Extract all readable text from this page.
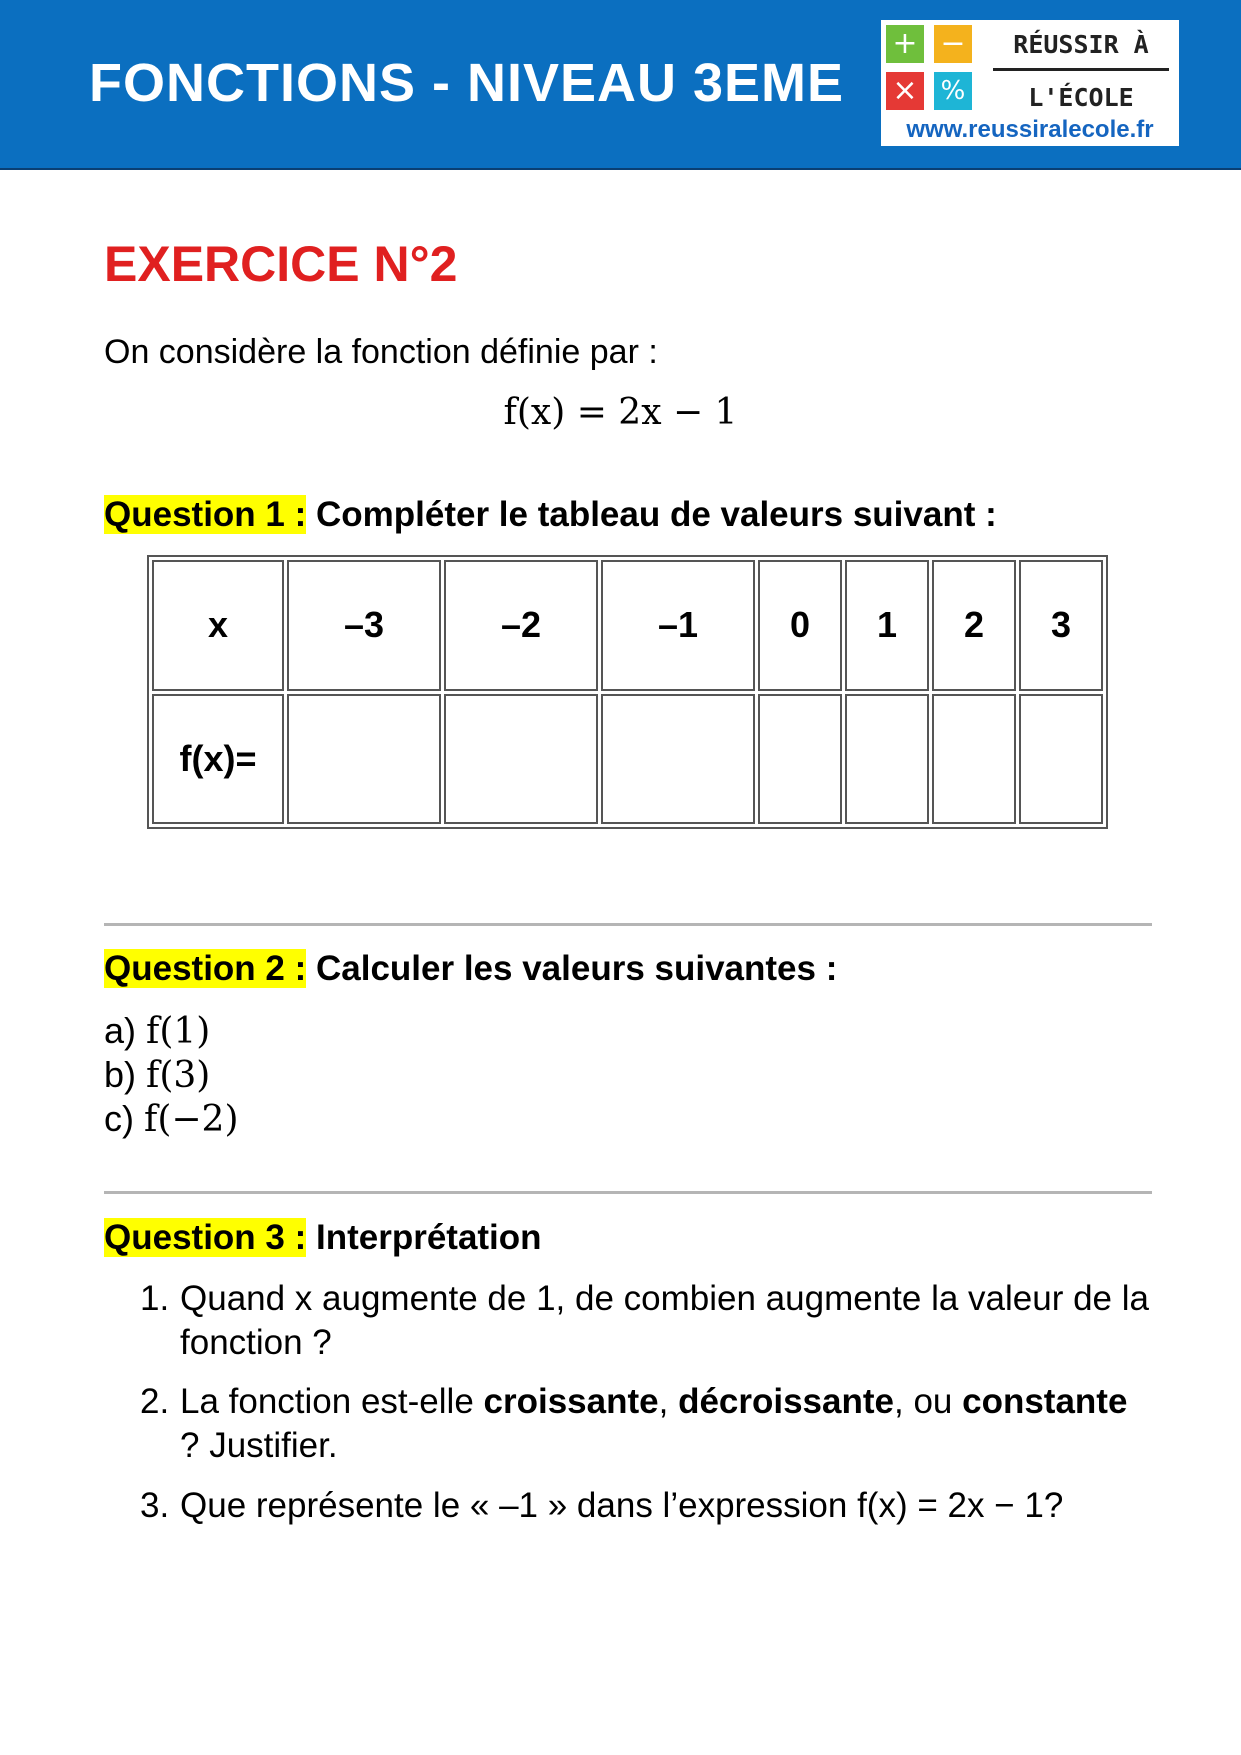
FONCTIONS - NIVEAU 3EME
+ −
× %
RÉUSSIR À
L'ÉCOLE
www.reussiralecole.fr
EXERCICE N°2
On considère la fonction définie par :
f(x) = 2x − 1
Question 1 : Compléter le tableau de valeurs suivant :
x	–3	–2	–1	0	1	2	3
f(x)=							
Question 2 : Calculer les valeurs suivantes :
a) f(1)
b) f(3)
c) f(−2)
Question 3 : Interprétation
1. Quand x augmente de 1, de combien augmente la valeur de la fonction ?
2. La fonction est-elle croissante, décroissante, ou constante ? Justifier.
3. Que représente le « –1 » dans l’expression f(x) = 2x − 1?
